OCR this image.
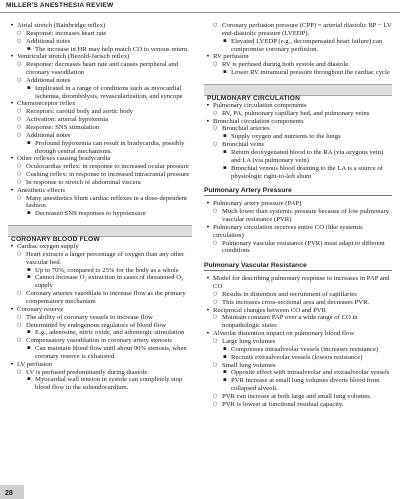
MILLER'S ANESTHESIA REVIEW
• Atrial stretch (Bainbridge reflex)
○ Response: increases heart rate
○ Additional notes
▪ The increase in HR may help match CO to venous return.
• Ventricular stretch (Bezold-Jarisch reflex)
○ Response: decreases heart rate and causes peripheral and coronary vasodilation
○ Additional notes
▪ Implicated in a range of conditions such as myocardial ischemia, thrombolysis, revascularization, and syncope
• Chemoreceptor reflex
○ Receptors: carotid body and aortic body
○ Activation: arterial hypoxemia
○ Response: SNS stimulation
○ Additional notes
▪ Profound hypoxemia can result in bradycardia, possibly through central mechanisms.
• Other reflexes causing bradycardia
○ Oculocardiac reflex: in response to increased ocular pressure
○ Cushing reflex: in response to increased intracranial pressure
○ In response to stretch of abdominal viscera
• Anesthetic effects
○ Many anesthetics blunt cardiac reflexes in a dose-dependent fashion.
▪ Decreased SNS responses to hypotension
CORONARY BLOOD FLOW
• Cardiac oxygen supply
○ Heart extracts a larger percentage of oxygen than any other vascular bed.
▪ Up to 70%, compared to 25% for the body as a whole
▪ Cannot increase O₂ extraction in cases of threatened O₂ supply
○ Coronary arteries vasodilate to increase flow as the primary compensatory mechanism
• Coronary reserve
○ The ability of coronary vessels to increase flow
○ Determined by endogenous regulators of blood flow
▪ E.g., adenosine, nitric oxide, and adrenergic stimulation
○ Compensatory vasodilation in coronary artery stenosis
▪ Can maintain blood flow until about 90% stenosis, when coronary reserve is exhausted
• LV perfusion
○ LV is perfused predominantly during diastole.
▪ Myocardial wall tension in systole can completely stop blood flow in the subendocardium.
○ Coronary perfusion pressure (CPP) = arterial diastolic BP − LV end-diastolic pressure (LVEDP).
▪ Elevated LVEDP (e.g., decompensated heart failure) can compromise coronary perfusion.
• RV perfusion
○ RV is perfused during both systole and diastole.
▪ Lower RV intramural pressure throughout the cardiac cycle
PULMONARY CIRCULATION
• Pulmonary circulation components
○ RV, PA, pulmonary capillary bed, and pulmonary veins
• Bronchial circulation components
○ Bronchial arteries
▪ Supply oxygen and nutrients to the lungs
○ Bronchial veins
▪ Return deoxygenated blood to the RA (via azygous vein) and LA (via pulmonary vein)
▪ Bronchial venous blood draining to the LA is a source of physiologic right-to-left shunt
Pulmonary Artery Pressure
• Pulmonary artery pressure (PAP)
○ Much lower than systemic pressure because of low pulmonary vascular resistance (PVR)
• Pulmonary circulation receives entire CO (like systemic circulation)
○ Pulmonary vascular resistance (PVR) must adapt to different conditions
Pulmonary Vascular Resistance
• Model for describing pulmonary response to increases in PAP and CO
○ Results in distention and recruitment of capillaries
○ This increases cross-sectional area and decreases PVR.
• Reciprocal changes between CO and PVR
○ Maintain constant PAP over a wide range of CO in nonpathologic states
• Alveolar distention impact on pulmonary blood flow
○ Large lung volumes
▪ Compresses intraalveolar vessels (increases resistance)
▪ Recruits extraalveolar vessels (lowers resistance)
○ Small lung volumes
▪ Opposite effect with intraalveolar and extraalveolar vessels
▪ PVR increase at small lung volumes diverts blood from collapsed alveoli.
○ PVR can increase at both large and small lung volumes.
○ PVR is lowest at functional residual capacity.
28
